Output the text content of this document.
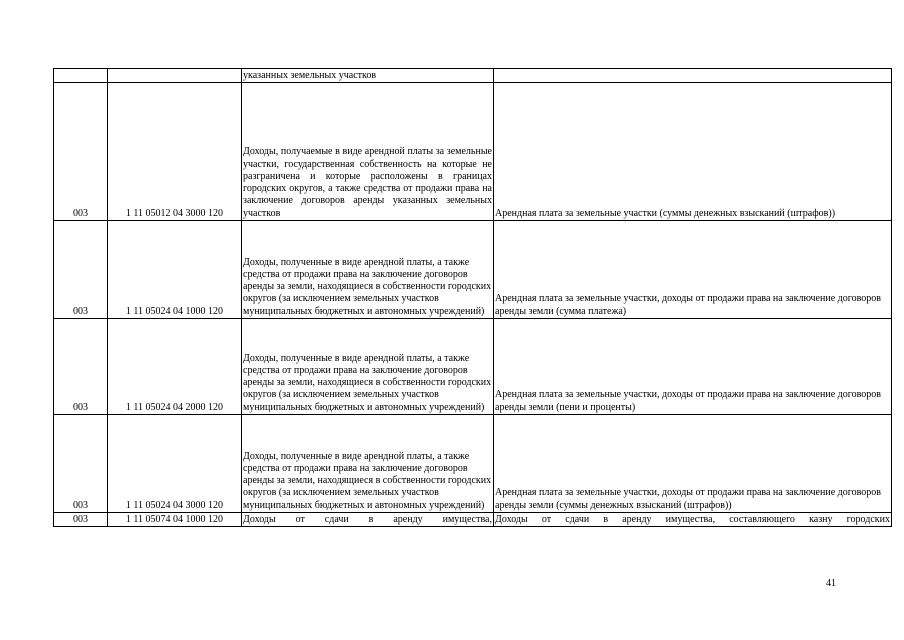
		указанных земельных участков	
003	1 11 05012 04 3000 120	Доходы, получаемые в виде арендной платы за земельные участки, государственная собственность на которые не разграничена и которые расположены в границах городских округов, а также средства от продажи права на заключение договоров аренды указанных земельных участков	Арендная плата за земельные участки (суммы денежных взысканий (штрафов))
003	1 11 05024 04 1000 120	Доходы, полученные в виде арендной платы, а также средства от продажи права на заключение договоров аренды за земли, находящиеся в собственности городских округов (за исключением земельных участков муниципальных бюджетных и автономных учреждений)	Арендная плата за земельные участки, доходы от продажи права на заключение договоров аренды земли (сумма платежа)
003	1 11 05024 04 2000 120	Доходы, полученные в виде арендной платы, а также средства от продажи права на заключение договоров аренды за земли, находящиеся в собственности городских округов (за исключением земельных участков муниципальных бюджетных и автономных учреждений)	Арендная плата за земельные участки, доходы от продажи права на заключение договоров аренды земли (пени и проценты)
003	1 11 05024 04 3000 120	Доходы, полученные в виде арендной платы, а также средства от продажи права на заключение договоров аренды за земли, находящиеся в собственности городских округов (за исключением земельных участков муниципальных бюджетных и автономных учреждений)	Арендная плата за земельные участки, доходы от продажи права на заключение договоров аренды земли (суммы денежных взысканий (штрафов))
003	1 11 05074 04 1000 120	Доходы от сдачи в аренду имущества,	Доходы от сдачи в аренду имущества, составляющего казну городских
41
